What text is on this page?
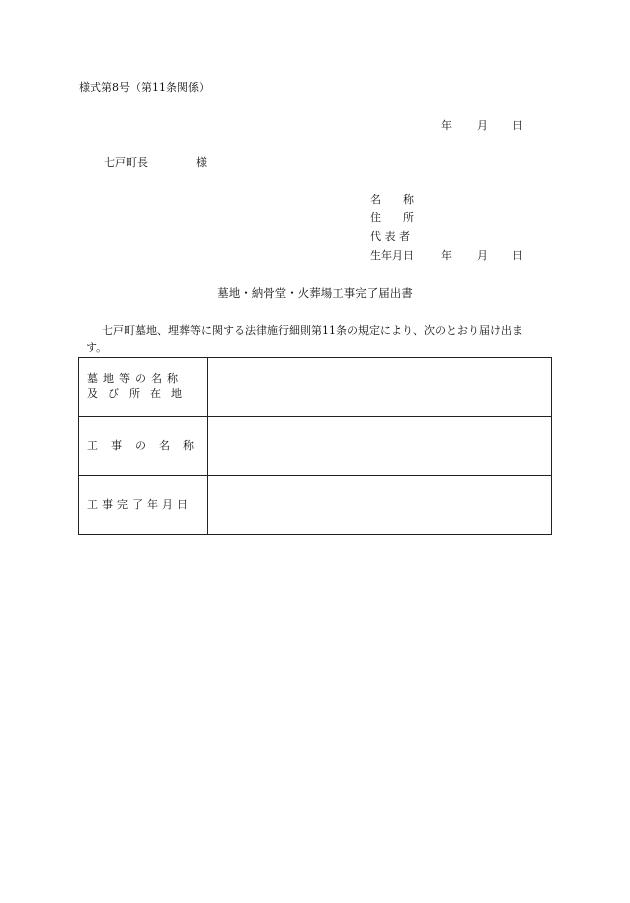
様式第8号（第11条関係）
年 月 日
七戸町長	様
名　　称
住　　所
代 表 者
生年月日 年 月 日
墓地・納骨堂・火葬場工事完了届出書
七戸町墓地、埋葬等に関する法律施行細則第11条の規定により、次のとおり届け出ま
す。
墓地等の名称
及び所在地	

工事の名称	

工事完了年月日	
